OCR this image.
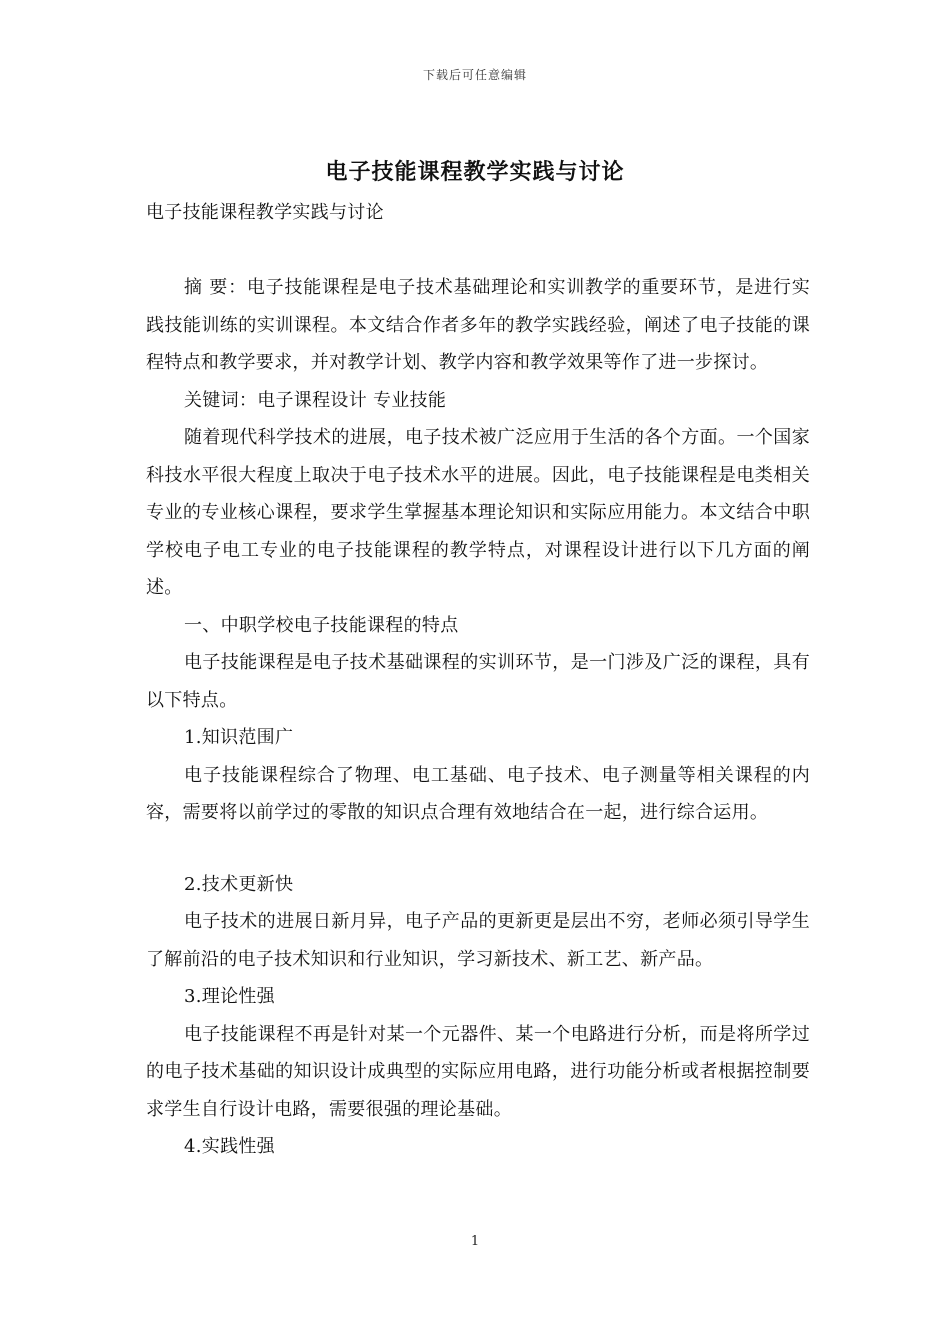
下载后可任意编辑
电子技能课程教学实践与讨论

电子技能课程教学实践与讨论

摘 要：电子技能课程是电子技术基础理论和实训教学的重要环节，是进行实践技能训练的实训课程。本文结合作者多年的教学实践经验，阐述了电子技能的课程特点和教学要求，并对教学计划、教学内容和教学效果等作了进一步探讨。

关键词：电子课程设计 专业技能

随着现代科学技术的进展，电子技术被广泛应用于生活的各个方面。一个国家科技水平很大程度上取决于电子技术水平的进展。因此，电子技能课程是电类相关专业的专业核心课程，要求学生掌握基本理论知识和实际应用能力。本文结合中职学校电子电工专业的电子技能课程的教学特点，对课程设计进行以下几方面的阐述。

一、中职学校电子技能课程的特点

电子技能课程是电子技术基础课程的实训环节，是一门涉及广泛的课程，具有以下特点。

1.知识范围广

电子技能课程综合了物理、电工基础、电子技术、电子测量等相关课程的内容，需要将以前学过的零散的知识点合理有效地结合在一起，进行综合运用。

2.技术更新快

电子技术的进展日新月异，电子产品的更新更是层出不穷，老师必须引导学生了解前沿的电子技术知识和行业知识，学习新技术、新工艺、新产品。

3.理论性强

电子技能课程不再是针对某一个元器件、某一个电路进行分析，而是将所学过的电子技术基础的知识设计成典型的实际应用电路，进行功能分析或者根据控制要求学生自行设计电路，需要很强的理论基础。

4.实践性强

1
